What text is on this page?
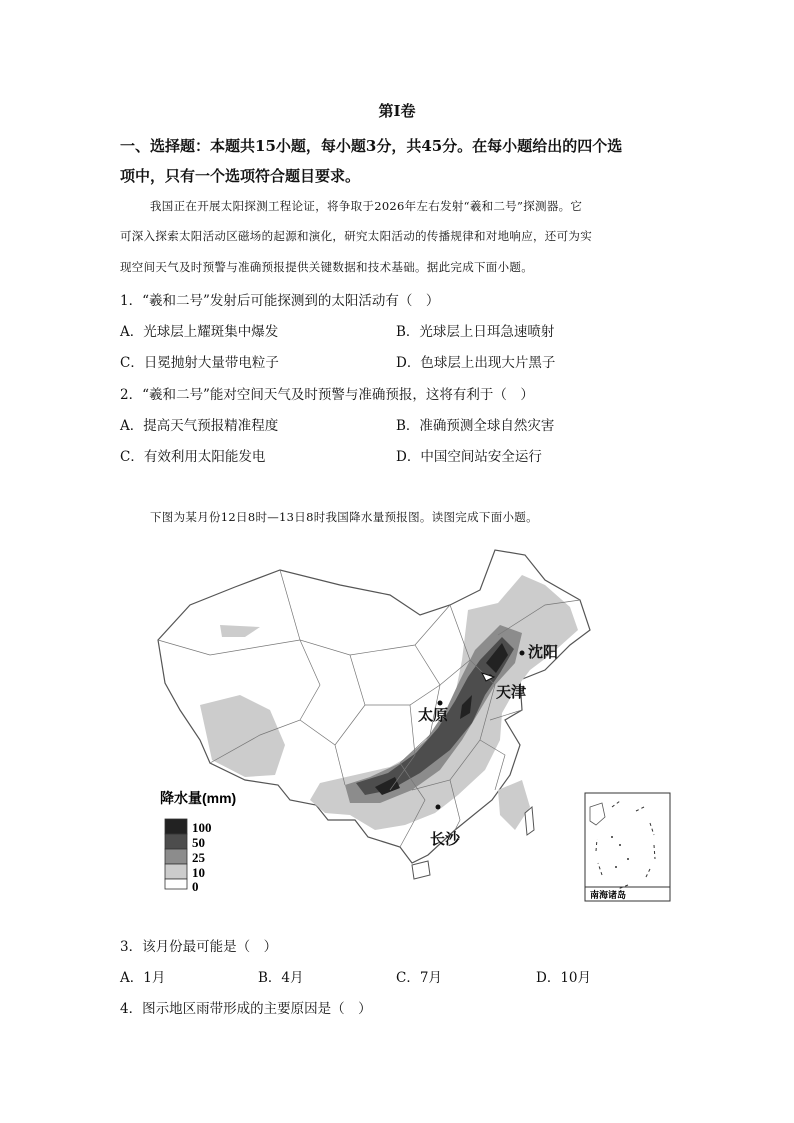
第Ⅰ卷
一、选择题：本题共15小题，每小题3分，共45分。在每小题给出的四个选
项中，只有一个选项符合题目要求。
我国正在开展太阳探测工程论证，将争取于2026年左右发射“羲和二号”探测器。它
可深入探索太阳活动区磁场的起源和演化，研究太阳活动的传播规律和对地响应，还可为实
现空间天气及时预警与准确预报提供关键数据和技术基础。据此完成下面小题。
1．“羲和二号”发射后可能探测到的太阳活动有（　）
A．光球层上耀斑集中爆发	B．光球层上日珥急速喷射
C．日冕抛射大量带电粒子	D．色球层上出现大片黑子
2．“羲和二号”能对空间天气及时预警与准确预报，这将有利于（　）
A．提高天气预报精准程度	B．准确预测全球自然灾害
C．有效利用太阳能发电	D．中国空间站安全运行
下图为某月份12日8时—13日8时我国降水量预报图。读图完成下面小题。
沈阳
天津
太原
长沙
降水量(mm)
100
50
25
10
0
南海诸岛
3．该月份最可能是（　）
A．1月	B．4月	C．7月	D．10月
4．图示地区雨带形成的主要原因是（　）
